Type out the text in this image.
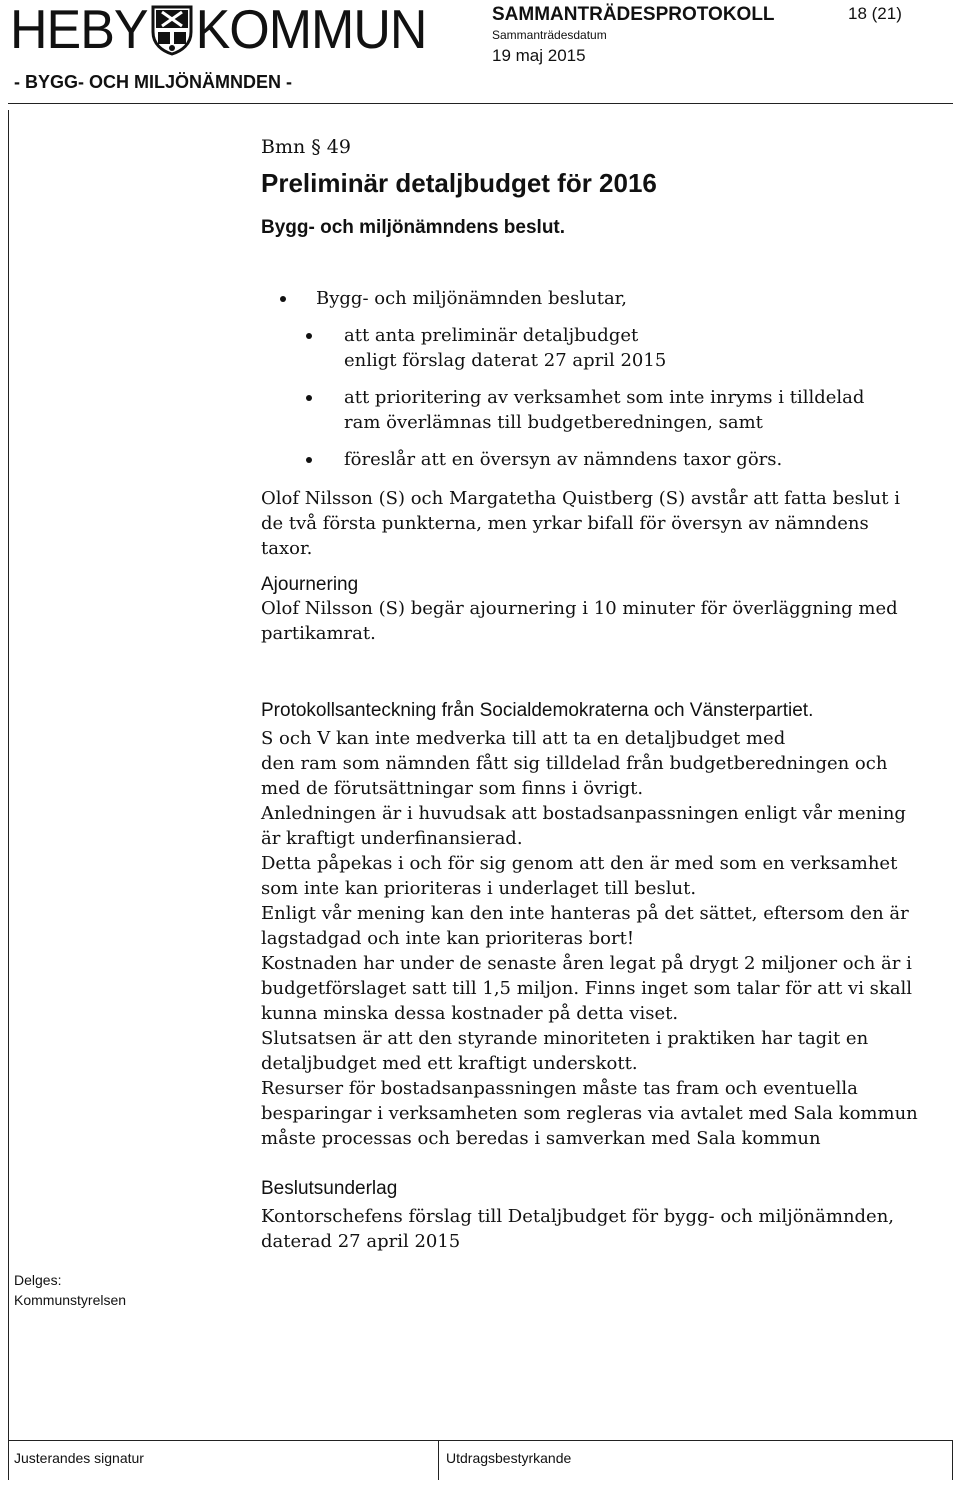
HEBY KOMMUN	SAMMANTRÄDESPROTOKOLL	18 (21)
Sammanträdesdatum
19 maj 2015
- BYGG- OCH MILJÖNÄMNDEN -
Bmn § 49
Preliminär detaljbudget för 2016
Bygg- och miljönämndens beslut.
Bygg- och miljönämnden beslutar,
att anta preliminär detaljbudget enligt förslag daterat 27 april 2015
att prioritering av verksamhet som inte inryms i tilldelad ram överlämnas till budgetberedningen, samt
föreslår att en översyn av nämndens taxor görs.
Olof Nilsson (S) och Margatetha Quistberg (S) avstår att fatta beslut i de två första punkterna, men yrkar bifall för översyn av nämndens taxor.
Ajournering
Olof Nilsson (S) begär ajournering i 10 minuter för överläggning med partikamrat.
Protokollsanteckning från Socialdemokraterna och Vänsterpartiet.
S och V kan inte medverka till att ta en detaljbudget med
den ram som nämnden fått sig tilldelad från budgetberedningen och
med de förutsättningar som finns i övrigt.
Anledningen är i huvudsak att bostadsanpassningen enligt vår mening
är kraftigt underfinansierad.
Detta påpekas i och för sig genom att den är med som en verksamhet
som inte kan prioriteras i underlaget till beslut.
Enligt vår mening kan den inte hanteras på det sättet, eftersom den är
lagstadgad och inte kan prioriteras bort!
Kostnaden har under de senaste åren legat på drygt 2 miljoner och är i
budgetförslaget satt till 1,5 miljon. Finns inget som talar för att vi skall
kunna minska dessa kostnader på detta viset.
Slutsatsen är att den styrande minoriteten i praktiken har tagit en
detaljbudget med ett kraftigt underskott.
Resurser för bostadsanpassningen måste tas fram och eventuella
besparingar i verksamheten som regleras via avtalet med Sala kommun
måste processas och beredas i samverkan med Sala kommun
Beslutsunderlag
Kontorschefens förslag till Detaljbudget för bygg- och miljönämnden, daterad 27 april 2015
Delges:
Kommunstyrelsen
Justerandes signatur	Utdragsbestyrkande
